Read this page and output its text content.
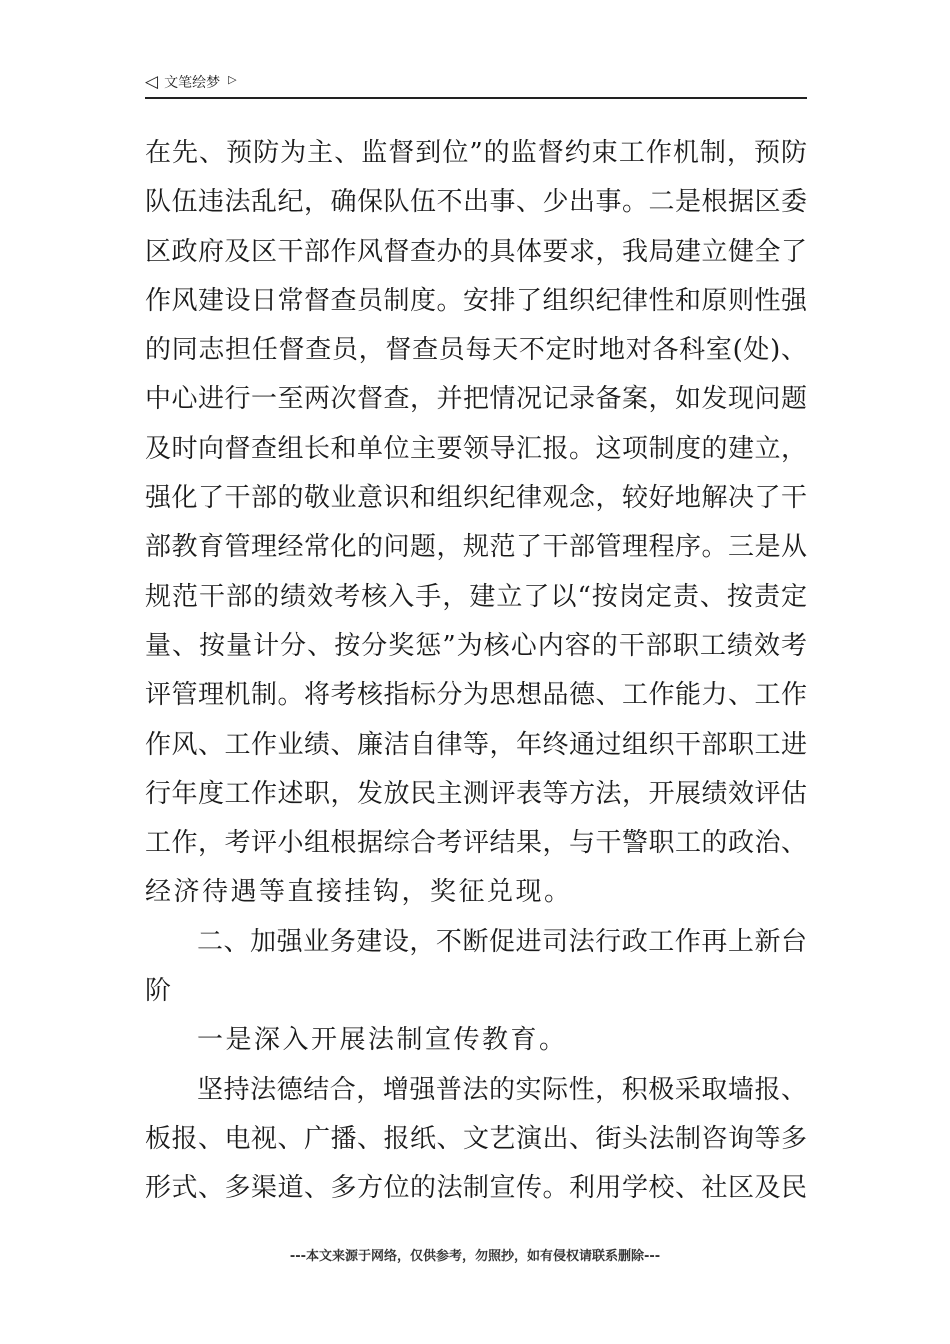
◁ 文笔绘梦 ▷
在先、预防为主、监督到位”的监督约束工作机制，预防
队伍违法乱纪，确保队伍不出事、少出事。二是根据区委
区政府及区干部作风督查办的具体要求，我局建立健全了
作风建设日常督查员制度。安排了组织纪律性和原则性强
的同志担任督查员，督查员每天不定时地对各科室(处)、
中心进行一至两次督查，并把情况记录备案，如发现问题
及时向督查组长和单位主要领导汇报。这项制度的建立，
强化了干部的敬业意识和组织纪律观念，较好地解决了干
部教育管理经常化的问题，规范了干部管理程序。三是从
规范干部的绩效考核入手，建立了以“按岗定责、按责定
量、按量计分、按分奖惩”为核心内容的干部职工绩效考
评管理机制。将考核指标分为思想品德、工作能力、工作
作风、工作业绩、廉洁自律等，年终通过组织干部职工进
行年度工作述职，发放民主测评表等方法，开展绩效评估
工作，考评小组根据综合考评结果，与干警职工的政治、
经济待遇等直接挂钩，奖征兑现。
二、加强业务建设，不断促进司法行政工作再上新台
阶
一是深入开展法制宣传教育。
坚持法德结合，增强普法的实际性，积极采取墙报、
板报、电视、广播、报纸、文艺演出、街头法制咨询等多
形式、多渠道、多方位的法制宣传。利用学校、社区及民
---本文来源于网络，仅供参考，勿照抄，如有侵权请联系删除---
